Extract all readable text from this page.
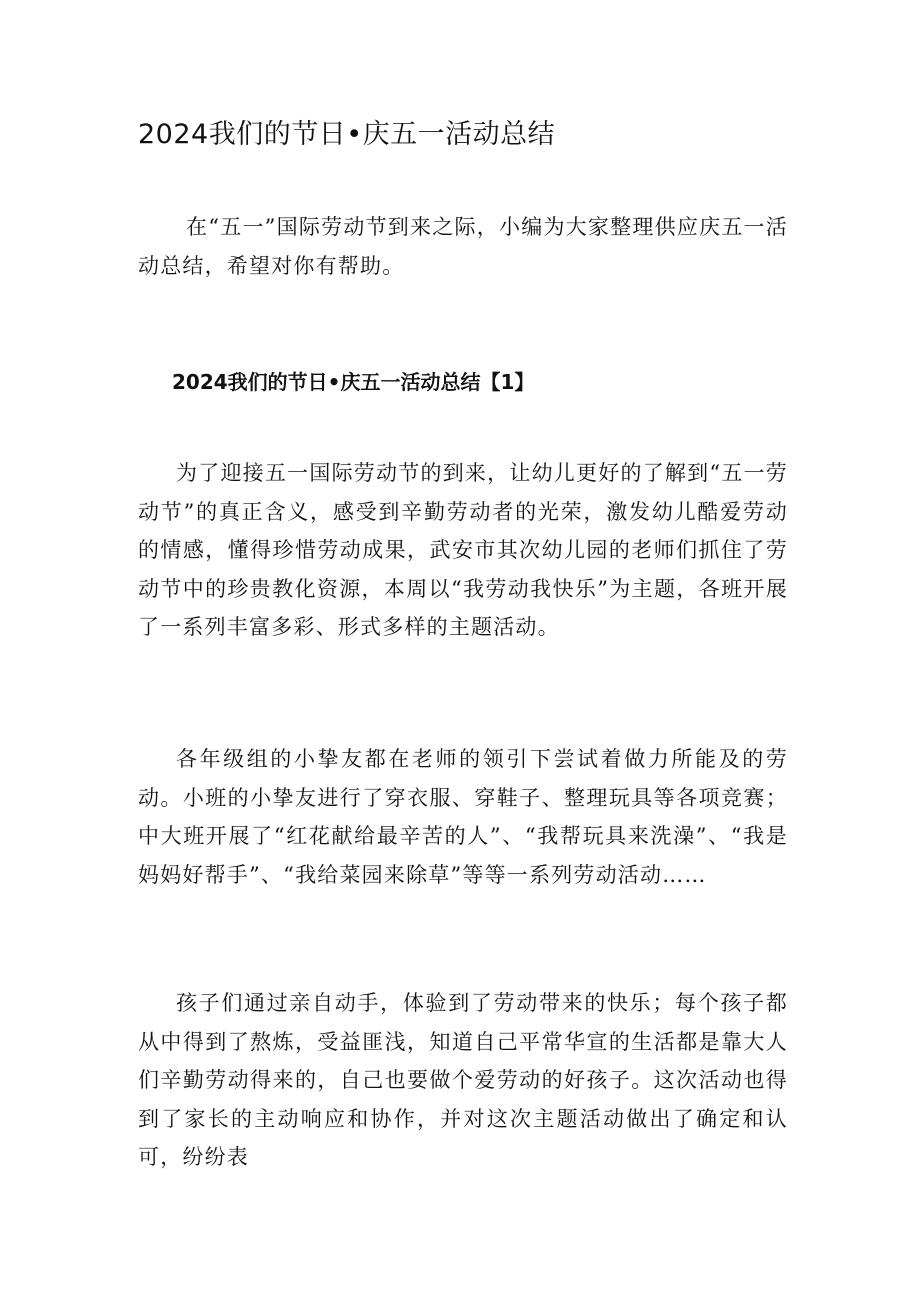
2024我们的节日•庆五一活动总结

在“五一”国际劳动节到来之际，小编为大家整理供应庆五一活动总结，希望对你有帮助。

2024我们的节日•庆五一活动总结【1】

为了迎接五一国际劳动节的到来，让幼儿更好的了解到“五一劳动节”的真正含义，感受到辛勤劳动者的光荣，激发幼儿酷爱劳动的情感，懂得珍惜劳动成果，武安市其次幼儿园的老师们抓住了劳动节中的珍贵教化资源，本周以“我劳动我快乐”为主题，各班开展了一系列丰富多彩、形式多样的主题活动。

各年级组的小挚友都在老师的领引下尝试着做力所能及的劳动。小班的小挚友进行了穿衣服、穿鞋子、整理玩具等各项竞赛；中大班开展了“红花献给最辛苦的人”、“我帮玩具来洗澡”、“我是妈妈好帮手”、“我给菜园来除草”等等一系列劳动活动……

孩子们通过亲自动手，体验到了劳动带来的快乐；每个孩子都从中得到了熬炼，受益匪浅，知道自己平常华宣的生活都是靠大人们辛勤劳动得来的，自己也要做个爱劳动的好孩子。这次活动也得到了家长的主动响应和协作，并对这次主题活动做出了确定和认可，纷纷表
